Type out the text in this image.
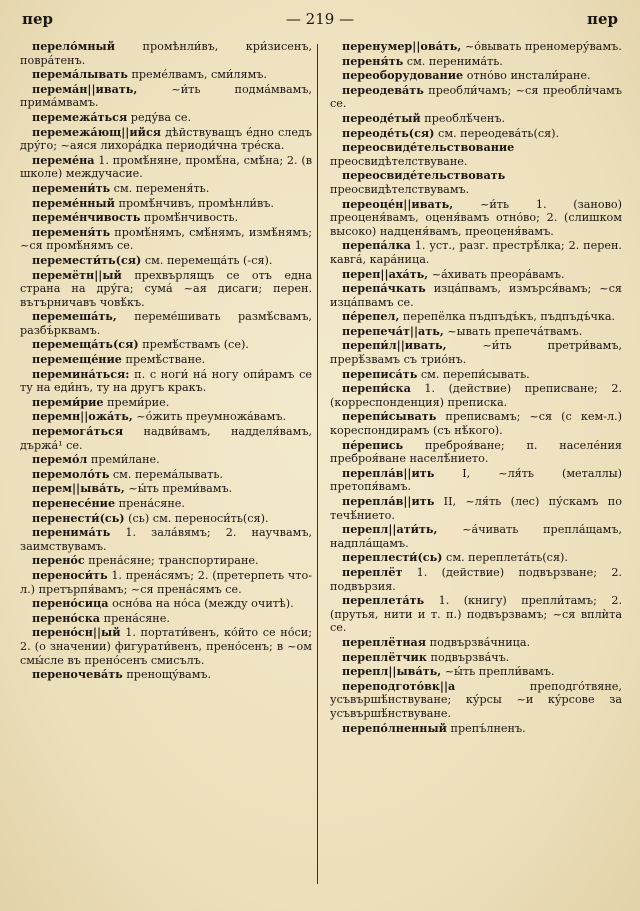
пер	— 219 —	пер

перело́мный промѣнли́въ, кри́зисенъ, поврáтенъ.

перема́лывать преме́лвамъ, сми́лямъ.

перема́н||ивать,	~и́ть подма́мвамъ, прима́мвамъ.

перемежа́ться реду́ва се.

перемежа́ющ||ийся дѣйствуващъ е́дно следъ дру́го; ~аяся лихора́дка периоди́чна тре́ска.

переме́на 1. промѣ́няне, промѣ́на, смѣ́на; 2. (в школе) междучасие.

перемени́ть см. переменя́ть.

переме́нный промѣ́нчивъ, промѣнли́въ.

переме́нчивость промѣ́нчивость.

переменя́ть промѣ́нямъ, смѣ́нямъ, измѣ́нямъ; ~ся промѣ́нямъ се.

перемести́ть(ся) см. перемеща́ть (-ся).

перемётн||ый прехвърлящъ се отъ една страна на дру́га; сума́ ~ая дисаги; перен. вътърничавъ човѣ́къ.

перемеша́ть, переме́шивать размѣ́свамъ, разбъ́рквамъ.

перемеща́ть(ся) премѣ́ствамъ (се).

перемеще́ние премѣ́стване.

перемина́ться: п. с ноги́ на́ ногу опи́рамъ се ту на еди́нъ, ту на другъ кракъ.

переми́рие преми́рие.

перемн||ожа́ть, ~о́жить преумножа́вамъ.

перемога́ться надви́вамъ, надделя́вамъ, държа́¹ се.

перемо́л преми́лане.

перемоло́ть см. перема́лывать.

перем||ыва́ть, ~ы́ть преми́вамъ.

перенесе́ние прена́сяне.

перенести́(сь) (сь) см. переноси́ть(ся).

перенима́ть 1. зала́вямъ; 2. научвамъ, заимствувамъ.

перено́с прена́сяне; транспортиране.

переноси́ть 1. прена́сямъ; 2. (претерпеть что-л.) претърпя́вамъ; ~ся прена́сямъ се.

перено́сица осно́ва на но́са (между очитѣ).

перено́ска прена́сяне.

перено́сн||ый 1. портати́венъ, ко́йто се но́си; 2. (о значении) фигурати́венъ, прено́сенъ; в ~ом смы́сле въ прено́сенъ смисълъ.

переночева́ть пренощу́вамъ.

перенумер||ова́ть, ~о́вывать преномеру́вамъ.

переня́ть см. перенима́ть.

переоборудование отно́во инстали́ране.

переодева́ть преобли́чамъ; ~ся преоблѝчамъ се.

переоде́тый преоблѣ́ченъ.

переоде́ть(ся) см. переодева́ть(ся).

переосвиде́тельствование преосвидѣтелствуване.

переосвиде́тельствовать преосвидѣтелствувамъ.

переоце́н||ивать, ~и́ть 1. (заново) преоценя́вамъ, оценя́вамъ отно́во; 2. (слишком высоко) надценя́вамъ, преоценя́вамъ.

перепа́лка 1. уст., разг. престрѣ́лка; 2. перен. кавга́, кара́ница.

переп||аха́ть, ~а́хивать преора́вамъ.

перепа́чкать изца́пвамъ, измърся́вамъ; ~ся изца́пвамъ се.

пе́репел, перепёлка пъдпъдъ́къ, пъдпъдъ́чка.

перепеча́т||ать, ~ывать препеча́твамъ.

перепи́л||ивать,	~и́ть претри́вамъ, прерѣ́звамъ съ трио́нъ.

переписа́ть см. перепи́сывать.

перепи́ска 1. (действие) преписване; 2. (корреспонденция) преписка.

перепи́сывать преписвамъ; ~ся (с кем-л.) кореспондирамъ (съ нѣ́кого).

пе́репись преброя́ване; п. населе́ния преброя́ване населѣ́нието.

перепла́в||ить I, ~ля́ть (металлы) претопя́вамъ.

перепла́в||ить II, ~ля́ть (лес) пу́скамъ по течѣ́нието.

перепл||ати́ть, ~а́чивать препла́щамъ, надпла́щамъ.

переплести́(сь) см. переплета́ть(ся).

переплёт 1. (действие) подвързване; 2. подвързия.

переплета́ть 1. (книгу) препли́тамъ; 2. (прутья, нити и т. п.) подвързвамъ; ~ся вплѝта се.

переплётная подвързва́чница.

переплётчик подвързва́чъ.

перепл||ыва́ть, ~ы́ть препли́вамъ.

переподгото́вк||а	преподго́твяне, усъвършѣ́нствуване; ку́рсы ~и ку́рсове за усъвършѣ́нствуване.

перепо́лненный препъ́лненъ.
